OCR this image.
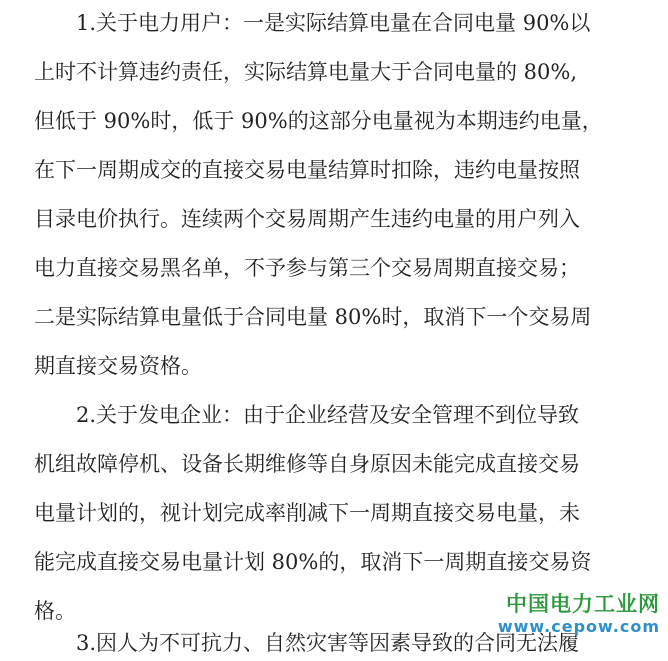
1.关于电力用户：一是实际结算电量在合同电量 90%以
上时不计算违约责任，实际结算电量大于合同电量的 80%,
但低于 90%时，低于 90%的这部分电量视为本期违约电量，
在下一周期成交的直接交易电量结算时扣除，违约电量按照
目录电价执行。连续两个交易周期产生违约电量的用户列入
电力直接交易黑名单，不予参与第三个交易周期直接交易；
二是实际结算电量低于合同电量 80%时，取消下一个交易周
期直接交易资格。
2.关于发电企业：由于企业经营及安全管理不到位导致
机组故障停机、设备长期维修等自身原因未能完成直接交易
电量计划的，视计划完成率削减下一周期直接交易电量，未
能完成直接交易电量计划 80%的，取消下一周期直接交易资
格。
3.因人为不可抗力、自然灾害等因素导致的合同无法履
中国电力工业网
www.cepow.com
